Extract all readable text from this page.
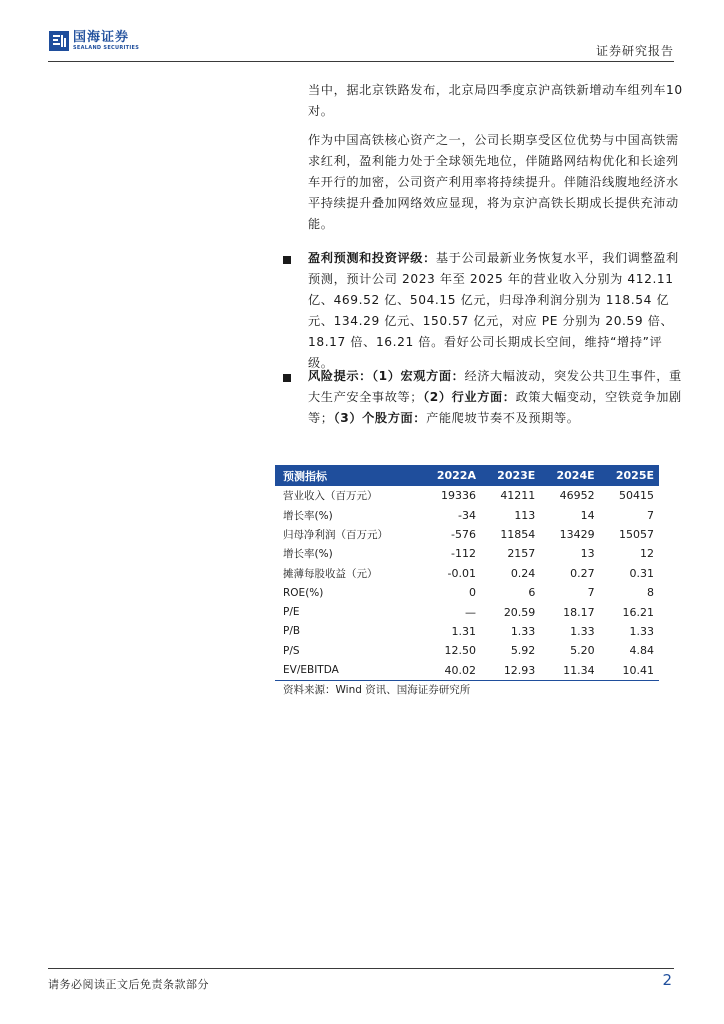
国海证券
SEALAND SECURITIES	证券研究报告

当中，据北京铁路发布，北京局四季度京沪高铁新增动车组列车10对。

作为中国高铁核心资产之一，公司长期享受区位优势与中国高铁需求红利，盈利能力处于全球领先地位，伴随路网结构优化和长途列车开行的加密，公司资产利用率将持续提升。伴随沿线腹地经济水平持续提升叠加网络效应显现，将为京沪高铁长期成长提供充沛动能。

盈利预测和投资评级：基于公司最新业务恢复水平，我们调整盈利预测，预计公司 2023 年至 2025 年的营业收入分别为 412.11 亿、469.52 亿、504.15 亿元，归母净利润分别为 118.54 亿元、134.29 亿元、150.57 亿元，对应 PE 分别为 20.59 倍、18.17 倍、16.21 倍。看好公司长期成长空间，维持“增持”评级。

风险提示：（1）宏观方面：经济大幅波动，突发公共卫生事件，重大生产安全事故等；（2）行业方面：政策大幅变动，空铁竞争加剧等；（3）个股方面：产能爬坡节奏不及预期等。

预测指标	2022A	2023E	2024E	2025E
营业收入（百万元）	19336	41211	46952	50415
增长率(%)	-34	113	14	7
归母净利润（百万元）	-576	11854	13429	15057
增长率(%)	-112	2157	13	12
摊薄每股收益（元）	-0.01	0.24	0.27	0.31
ROE(%)	0	6	7	8
P/E	—	20.59	18.17	16.21
P/B	1.31	1.33	1.33	1.33
P/S	12.50	5.92	5.20	4.84
EV/EBITDA	40.02	12.93	11.34	10.41
资料来源：Wind 资讯、国海证券研究所
请务必阅读正文后免责条款部分	2
